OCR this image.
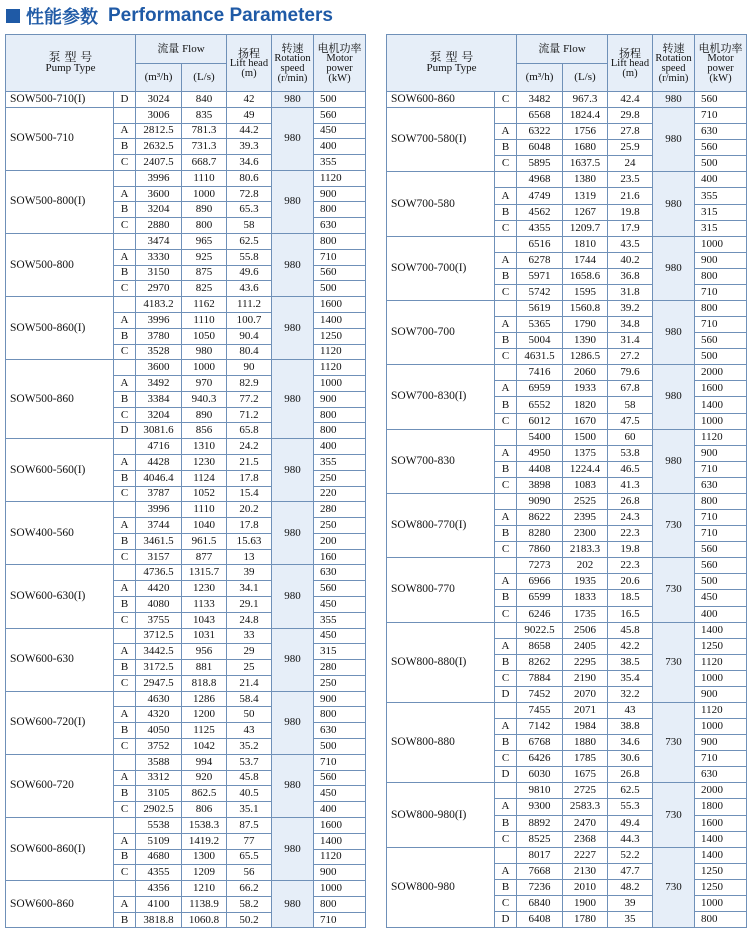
性能参数 Performance Parameters
泵 型 号
Pump Type		流量 Flow		扬程
Lift head
(m)	转速
Rotation speed
(r/min)	电机功率
Motor power
(kW)

		(m³/h)	(L/s)			
SOW500-710(I)	D	3024	840	42	980	500
SOW500-710		3006	835	49	980	560
	A	2812.5	781.3	44.2		450
	B	2632.5	731.3	39.3		400
	C	2407.5	668.7	34.6		355
SOW500-800(I)		3996	1110	80.6	980	1120
	A	3600	1000	72.8		900
	B	3204	890	65.3		800
	C	2880	800	58		630
SOW500-800		3474	965	62.5	980	800
	A	3330	925	55.8		710
	B	3150	875	49.6		560
	C	2970	825	43.6		500
SOW500-860(I)		4183.2	1162	111.2	980	1600
	A	3996	1110	100.7		1400
	B	3780	1050	90.4		1250
	C	3528	980	80.4		1120
SOW500-860		3600	1000	90	980	1120
	A	3492	970	82.9		1000
	B	3384	940.3	77.2		900
	C	3204	890	71.2		800
	D	3081.6	856	65.8		800
SOW600-560(I)		4716	1310	24.2	980	400
	A	4428	1230	21.5		355
	B	4046.4	1124	17.8		250
	C	3787	1052	15.4		220
SOW400-560		3996	1110	20.2	980	280
	A	3744	1040	17.8		250
	B	3461.5	961.5	15.63		200
	C	3157	877	13		160
SOW600-630(I)		4736.5	1315.7	39	980	630
	A	4420	1230	34.1		560
	B	4080	1133	29.1		450
	C	3755	1043	24.8		355
SOW600-630		3712.5	1031	33	980	450
	A	3442.5	956	29		315
	B	3172.5	881	25		280
	C	2947.5	818.8	21.4		250
SOW600-720(I)		4630	1286	58.4	980	900
	A	4320	1200	50		800
	B	4050	1125	43		630
	C	3752	1042	35.2		500
SOW600-720		3588	994	53.7	980	710
	A	3312	920	45.8		560
	B	3105	862.5	40.5		450
	C	2902.5	806	35.1		400
SOW600-860(I)		5538	1538.3	87.5	980	1600
	A	5109	1419.2	77		1400
	B	4680	1300	65.5		1120
	C	4355	1209	56		900
SOW600-860		4356	1210	66.2	980	1000
	A	4100	1138.9	58.2		800
	B	3818.8	1060.8	50.2		710
泵 型 号
Pump Type		流量 Flow		扬程
Lift head
(m)	转速
Rotation speed
(r/min)	电机功率
Motor power
(kW)

		(m³/h)	(L/s)			
SOW600-860	C	3482	967.3	42.4	980	560
SOW700-580(I)		6568	1824.4	29.8	980	710
	A	6322	1756	27.8		630
	B	6048	1680	25.9		560
	C	5895	1637.5	24		500
SOW700-580		4968	1380	23.5	980	400
	A	4749	1319	21.6		355
	B	4562	1267	19.8		315
	C	4355	1209.7	17.9		315
SOW700-700(I)		6516	1810	43.5	980	1000
	A	6278	1744	40.2		900
	B	5971	1658.6	36.8		800
	C	5742	1595	31.8		710
SOW700-700		5619	1560.8	39.2	980	800
	A	5365	1790	34.8		710
	B	5004	1390	31.4		560
	C	4631.5	1286.5	27.2		500
SOW700-830(I)		7416	2060	79.6	980	2000
	A	6959	1933	67.8		1600
	B	6552	1820	58		1400
	C	6012	1670	47.5		1000
SOW700-830		5400	1500	60	980	1120
	A	4950	1375	53.8		900
	B	4408	1224.4	46.5		710
	C	3898	1083	41.3		630
SOW800-770(I)		9090	2525	26.8	730	800
	A	8622	2395	24.3		710
	B	8280	2300	22.3		710
	C	7860	2183.3	19.8		560
SOW800-770		7273	202	22.3	730	560
	A	6966	1935	20.6		500
	B	6599	1833	18.5		450
	C	6246	1735	16.5		400
SOW800-880(I)		9022.5	2506	45.8	730	1400
	A	8658	2405	42.2		1250
	B	8262	2295	38.5		1120
	C	7884	2190	35.4		1000
	D	7452	2070	32.2		900
SOW800-880		7455	2071	43	730	1120
	A	7142	1984	38.8		1000
	B	6768	1880	34.6		900
	C	6426	1785	30.6		710
	D	6030	1675	26.8		630
SOW800-980(I)		9810	2725	62.5	730	2000
	A	9300	2583.3	55.3		1800
	B	8892	2470	49.4		1600
	C	8525	2368	44.3		1400
SOW800-980		8017	2227	52.2	730	1400
	A	7668	2130	47.7		1250
	B	7236	2010	48.2		1250
	C	6840	1900	39		1000
	D	6408	1780	35		800
